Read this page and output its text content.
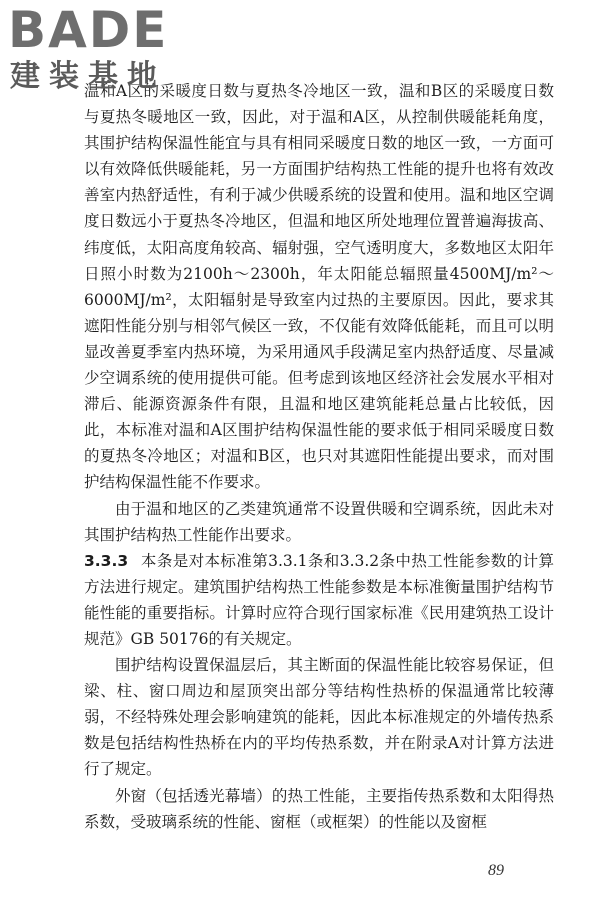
BADE
建装基地

温和A区的采暖度日数与夏热冬冷地区一致，温和B区的采暖度日数与夏热冬暖地区一致，因此，对于温和A区，从控制供暖能耗角度，其围护结构保温性能宜与具有相同采暖度日数的地区一致，一方面可以有效降低供暖能耗，另一方面围护结构热工性能的提升也将有效改善室内热舒适性，有利于减少供暖系统的设置和使用。温和地区空调度日数远小于夏热冬冷地区，但温和地区所处地理位置普遍海拔高、纬度低，太阳高度角较高、辐射强，空气透明度大，多数地区太阳年日照小时数为2100h～2300h，年太阳能总辐照量4500MJ/m²～6000MJ/m²，太阳辐射是导致室内过热的主要原因。因此，要求其遮阳性能分别与相邻气候区一致，不仅能有效降低能耗，而且可以明显改善夏季室内热环境，为采用通风手段满足室内热舒适度、尽量减少空调系统的使用提供可能。但考虑到该地区经济社会发展水平相对滞后、能源资源条件有限，且温和地区建筑能耗总量占比较低，因此，本标准对温和A区围护结构保温性能的要求低于相同采暖度日数的夏热冬冷地区；对温和B区，也只对其遮阳性能提出要求，而对围护结构保温性能不作要求。

由于温和地区的乙类建筑通常不设置供暖和空调系统，因此未对其围护结构热工性能作出要求。

3.3.3 本条是对本标准第3.3.1条和3.3.2条中热工性能参数的计算方法进行规定。建筑围护结构热工性能参数是本标准衡量围护结构节能性能的重要指标。计算时应符合现行国家标准《民用建筑热工设计规范》GB 50176的有关规定。

围护结构设置保温层后，其主断面的保温性能比较容易保证，但梁、柱、窗口周边和屋顶突出部分等结构性热桥的保温通常比较薄弱，不经特殊处理会影响建筑的能耗，因此本标准规定的外墙传热系数是包括结构性热桥在内的平均传热系数，并在附录A对计算方法进行了规定。

外窗（包括透光幕墙）的热工性能，主要指传热系数和太阳得热系数，受玻璃系统的性能、窗框（或框架）的性能以及窗框

89
